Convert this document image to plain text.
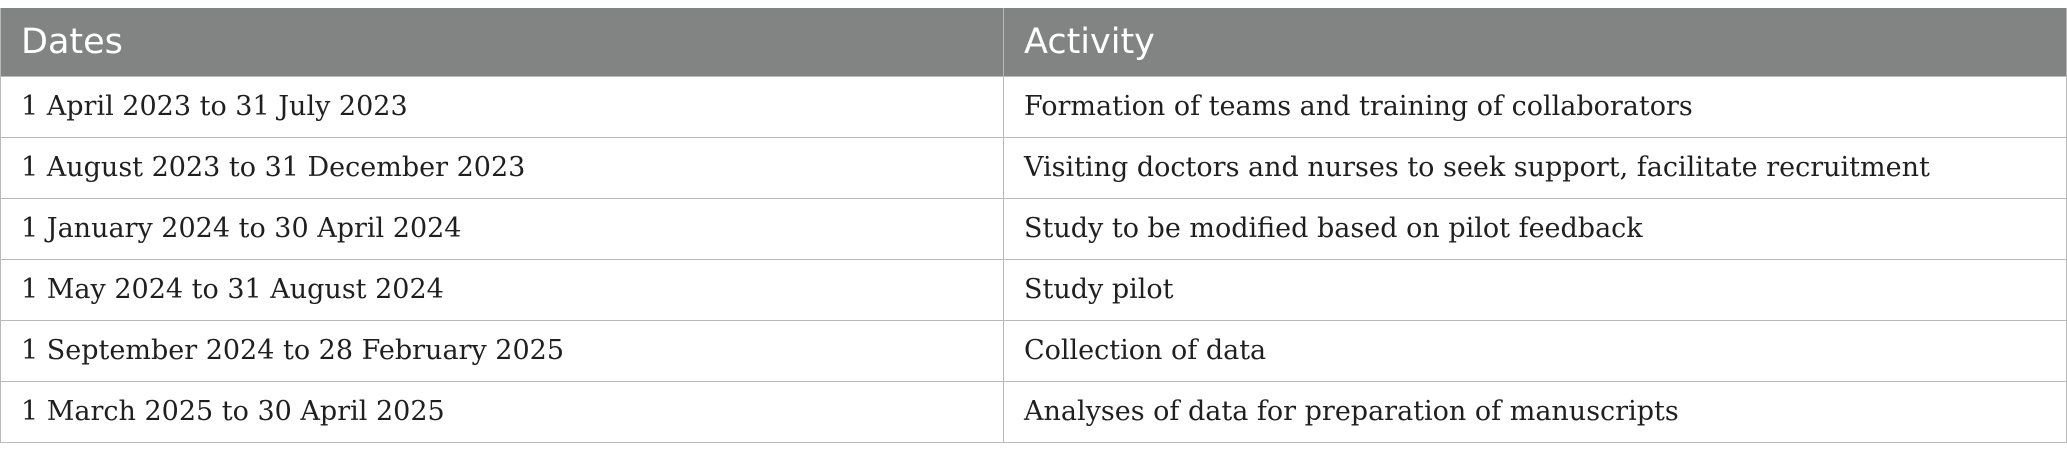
Dates	Activity
1 April 2023 to 31 July 2023	Formation of teams and training of collaborators
1 August 2023 to 31 December 2023	Visiting doctors and nurses to seek support, facilitate recruitment
1 January 2024 to 30 April 2024	Study to be modified based on pilot feedback
1 May 2024 to 31 August 2024	Study pilot
1 September 2024 to 28 February 2025	Collection of data
1 March 2025 to 30 April 2025	Analyses of data for preparation of manuscripts
